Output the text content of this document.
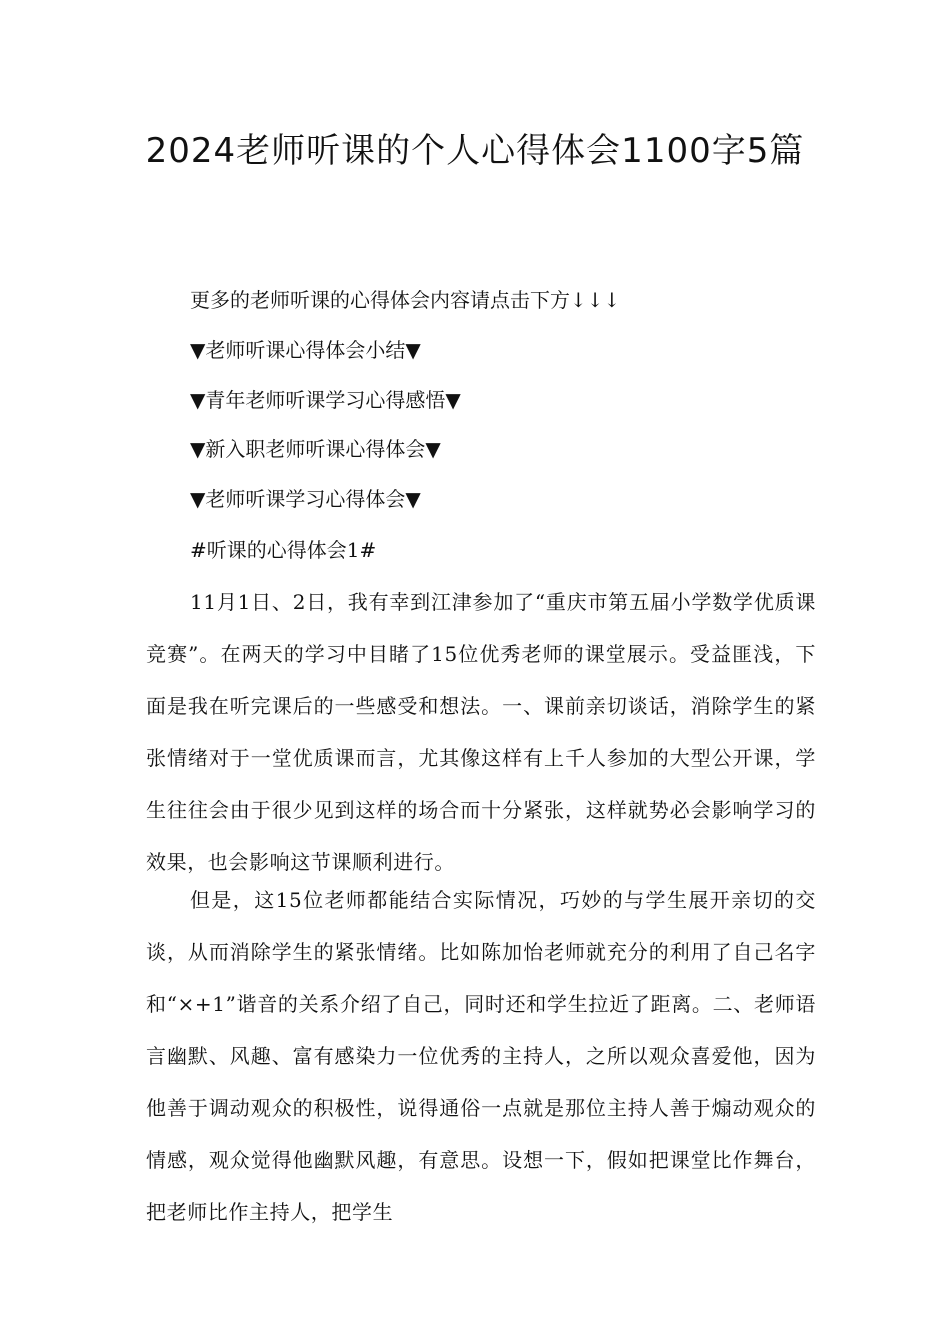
2024老师听课的个人心得体会1100字5篇

更多的老师听课的心得体会内容请点击下方↓↓↓

▼老师听课心得体会小结▼

▼青年老师听课学习心得感悟▼

▼新入职老师听课心得体会▼

▼老师听课学习心得体会▼

#听课的心得体会1#

11月1日、2日，我有幸到江津参加了“重庆市第五届小学数学优质课竞赛”。在两天的学习中目睹了15位优秀老师的课堂展示。受益匪浅，下面是我在听完课后的一些感受和想法。一、课前亲切谈话，消除学生的紧张情绪对于一堂优质课而言，尤其像这样有上千人参加的大型公开课，学生往往会由于很少见到这样的场合而十分紧张，这样就势必会影响学习的效果，也会影响这节课顺利进行。

但是，这15位老师都能结合实际情况，巧妙的与学生展开亲切的交谈，从而消除学生的紧张情绪。比如陈加怡老师就充分的利用了自己名字和“×+1”谐音的关系介绍了自己，同时还和学生拉近了距离。二、老师语言幽默、风趣、富有感染力一位优秀的主持人，之所以观众喜爱他，因为他善于调动观众的积极性，说得通俗一点就是那位主持人善于煽动观众的情感，观众觉得他幽默风趣，有意思。设想一下，假如把课堂比作舞台，把老师比作主持人，把学生
